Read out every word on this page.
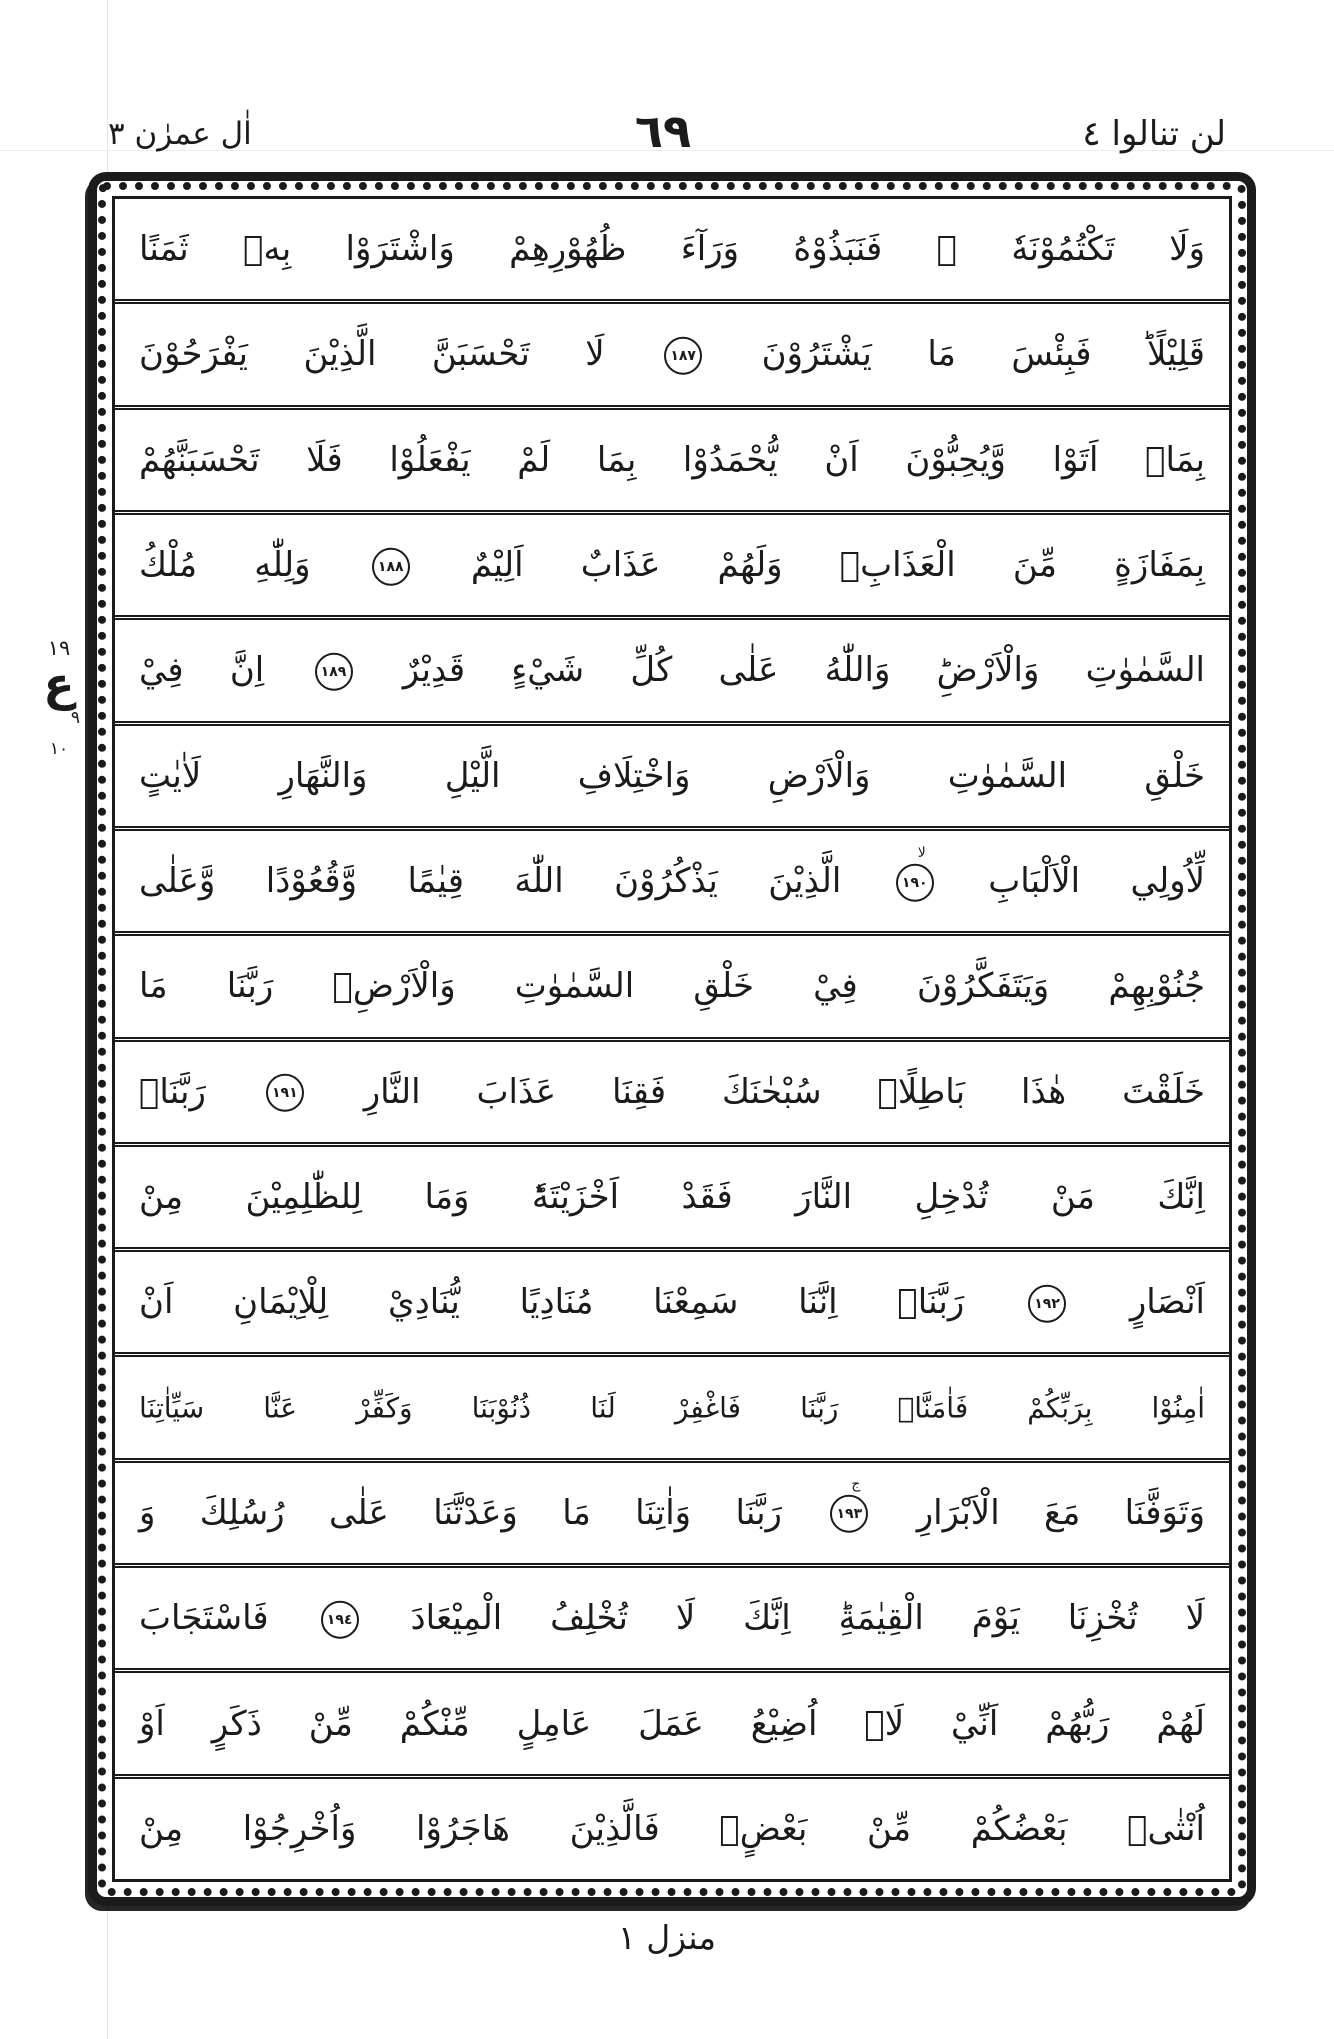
لن تنالوا ٤
٦٩
اٰل عمرٰن ٣
١٩
ع
٩
١٠
وَلَا تَكْتُمُوْنَهٗ ۚ فَنَبَذُوْهُ وَرَآءَ ظُهُوْرِهِمْ وَاشْتَرَوْا بِهٖ ثَمَنًا
قَلِيْلًاؕ فَبِئْسَ مَا يَشْتَرُوْنَ
١٨٧
لَا تَحْسَبَنَّ الَّذِيْنَ يَفْرَحُوْنَ
بِمَاۤ اَتَوْا وَّيُحِبُّوْنَ اَنْ يُّحْمَدُوْا بِمَا لَمْ يَفْعَلُوْا فَلَا تَحْسَبَنَّهُمْ
بِمَفَازَةٍ مِّنَ الْعَذَابِۚ وَلَهُمْ عَذَابٌ اَلِيْمٌ
١٨٨
وَلِلّٰهِ مُلْكُ
السَّمٰوٰتِ وَالْاَرْضِؕ وَاللّٰهُ عَلٰى كُلِّ شَيْءٍ قَدِيْرٌ
١٨٩
اِنَّ فِيْ
خَلْقِ السَّمٰوٰتِ وَالْاَرْضِ وَاخْتِلَافِ الَّيْلِ وَالنَّهَارِ لَاٰيٰتٍ
لِّاُولِي الْاَلْبَابِ
١٩٠
لا
الَّذِيْنَ يَذْكُرُوْنَ اللّٰهَ قِيٰمًا وَّقُعُوْدًا وَّعَلٰى
جُنُوْبِهِمْ وَيَتَفَكَّرُوْنَ فِيْ خَلْقِ السَّمٰوٰتِ وَالْاَرْضِۚ رَبَّنَا مَا
خَلَقْتَ هٰذَا بَاطِلًاۚ سُبْحٰنَكَ فَقِنَا عَذَابَ النَّارِ
١٩١
رَبَّنَاۤ
اِنَّكَ مَنْ تُدْخِلِ النَّارَ فَقَدْ اَخْزَيْتَهٗؕ وَمَا لِلظّٰلِمِيْنَ مِنْ
اَنْصَارٍ
١٩٢
رَبَّنَاۤ اِنَّنَا سَمِعْنَا مُنَادِيًا يُّنَادِيْ لِلْاِيْمَانِ اَنْ
اٰمِنُوْا بِرَبِّكُمْ فَاٰمَنَّاۖ رَبَّنَا فَاغْفِرْ لَنَا ذُنُوْبَنَا وَكَفِّرْ عَنَّا سَيِّاٰتِنَا
وَتَوَفَّنَا مَعَ الْاَبْرَارِ
١٩٣
ج
رَبَّنَا وَاٰتِنَا مَا وَعَدْتَّنَا عَلٰى رُسُلِكَ وَ
لَا تُخْزِنَا يَوْمَ الْقِيٰمَةِؕ اِنَّكَ لَا تُخْلِفُ الْمِيْعَادَ
١٩٤
فَاسْتَجَابَ
لَهُمْ رَبُّهُمْ اَنِّيْ لَاۤ اُضِيْعُ عَمَلَ عَامِلٍ مِّنْكُمْ مِّنْ ذَكَرٍ اَوْ
اُنْثٰىۚ بَعْضُكُمْ مِّنْ بَعْضٍۚ فَالَّذِيْنَ هَاجَرُوْا وَاُخْرِجُوْا مِنْ
منزل ١
